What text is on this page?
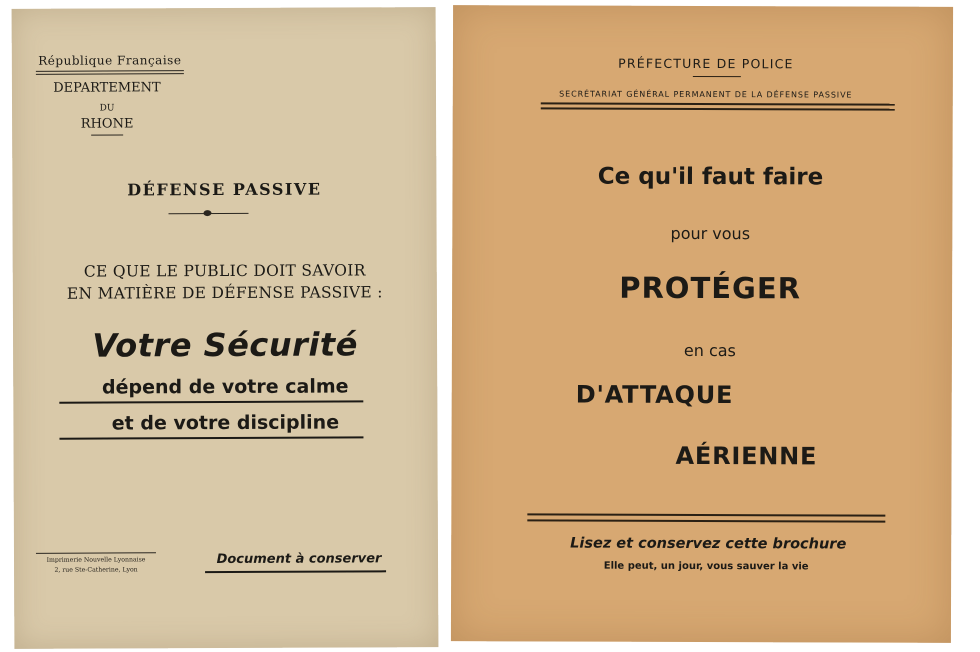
République Française
DEPARTEMENT
DU
RHONE
DÉFENSE PASSIVE
CE QUE LE PUBLIC DOIT SAVOIR
EN MATIÈRE DE DÉFENSE PASSIVE :
Votre Sécurité
dépend de votre calme
et de votre discipline
Imprimerie Nouvelle Lyonnaise
2, rue Ste-Catherine, Lyon
Document à conserver
PRÉFECTURE DE POLICE
SECRÉTARIAT GÉNÉRAL PERMANENT DE LA DÉFENSE PASSIVE
Ce qu'il faut faire
pour vous
PROTÉGER
en cas
D'ATTAQUE
AÉRIENNE
Lisez et conservez cette brochure
Elle peut, un jour, vous sauver la vie
